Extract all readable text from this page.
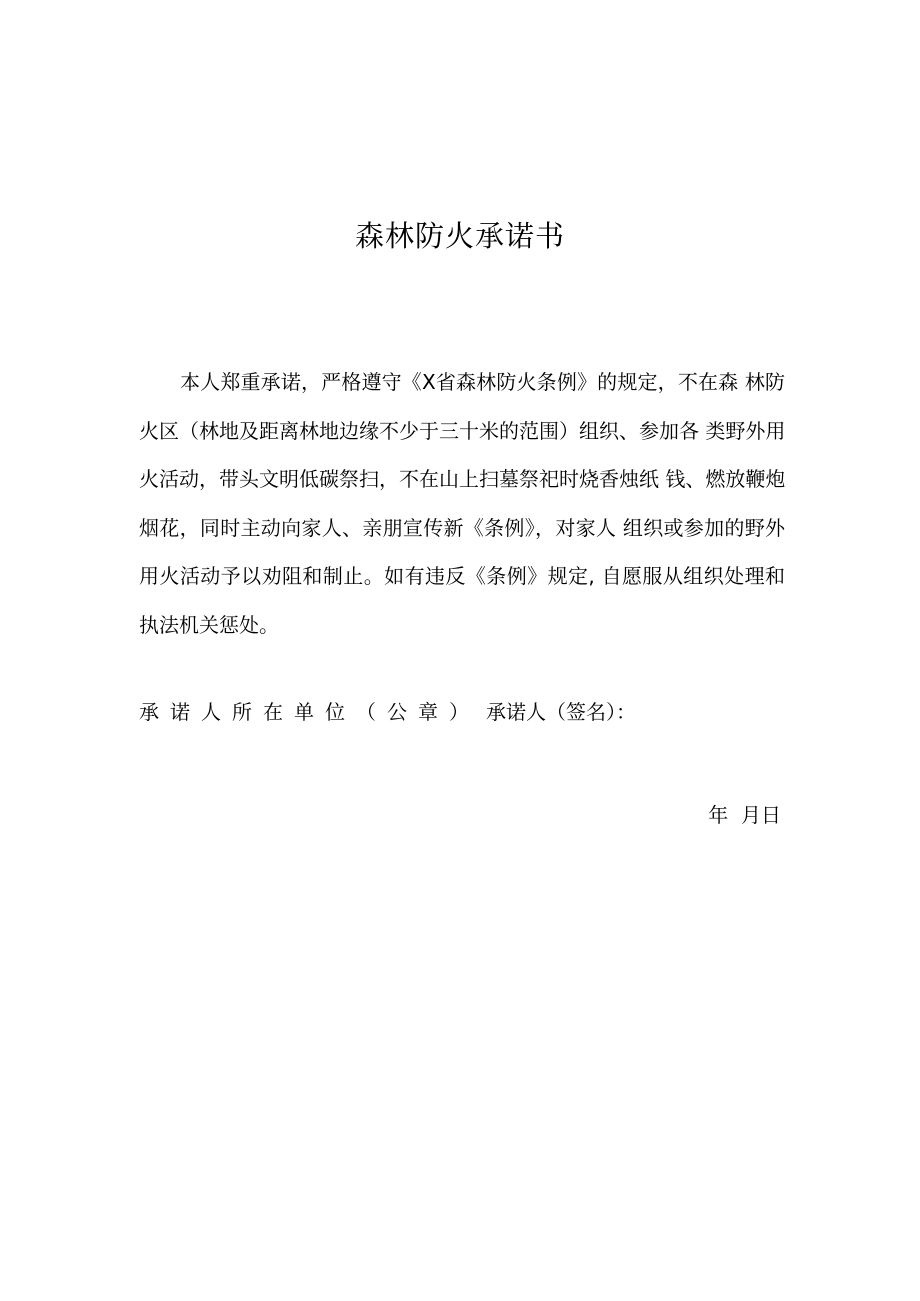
森林防火承诺书
本人郑重承诺，严格遵守《X省森林防火条例》的规定，不在森 林防
火区（林地及距离林地边缘不少于三十米的范围）组织、参加各 类野外用
火活动，带头文明低碳祭扫，不在山上扫墓祭祀时烧香烛纸 钱、燃放鞭炮
烟花，同时主动向家人、亲朋宣传新《条例》，对家人 组织或参加的野外
用火活动予以劝阻和制止。如有违反《条例》规定, 自愿服从组织处理和
执法机关惩处。
承诺人所在单位（公章） 承诺人（签名）：
年  月日
